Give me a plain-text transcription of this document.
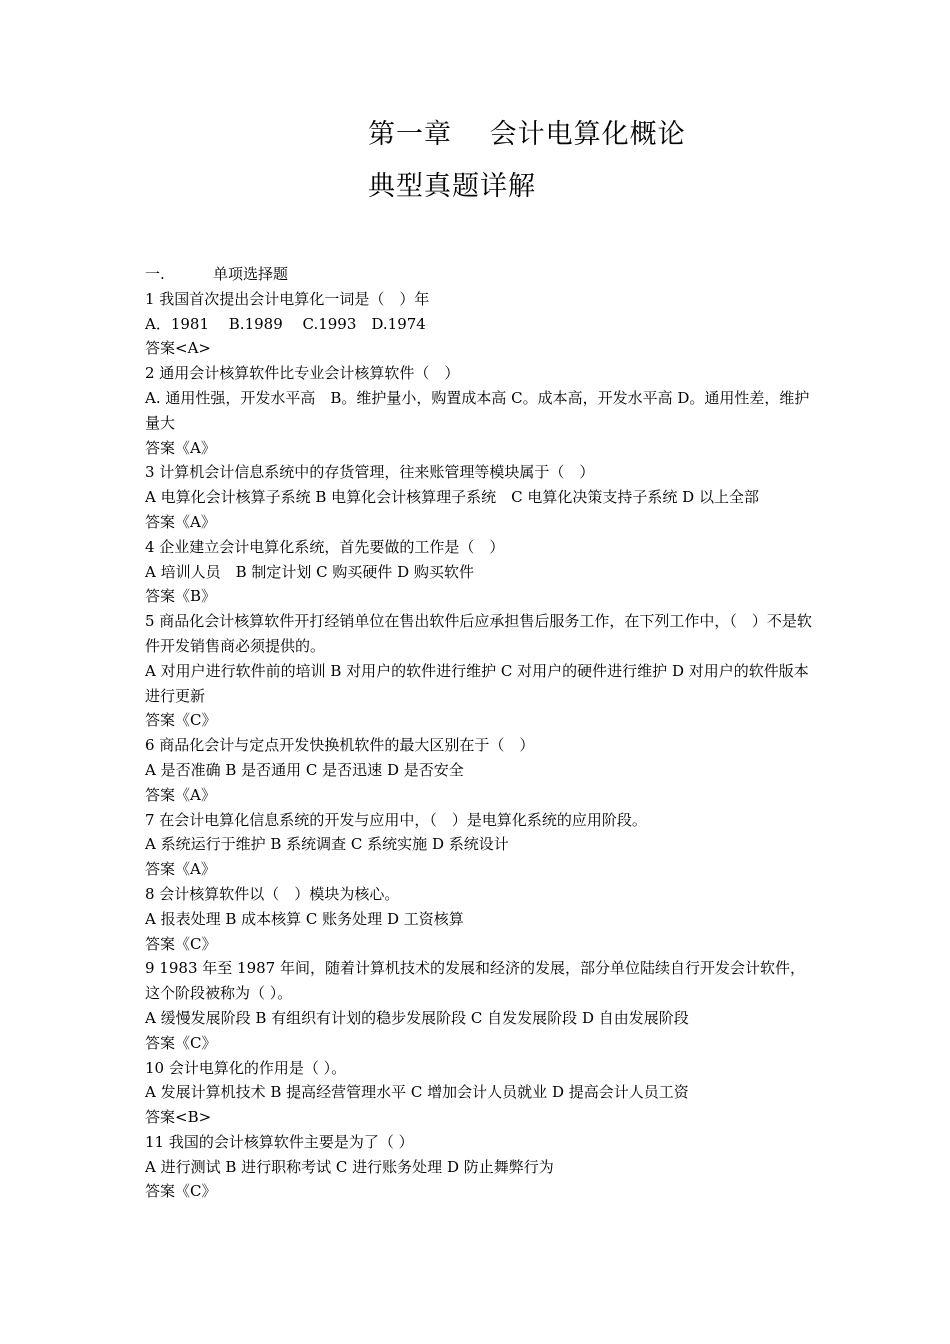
第一章　 会计电算化概论
典型真题详解
一.	单项选择题
1 我国首次提出会计电算化一词是（　）年
A．1981　 B.1989　 C.1993　D.1974
答案<A>
2 通用会计核算软件比专业会计核算软件（　）
A. 通用性强，开发水平高　B。维护量小，购置成本高 C。成本高，开发水平高 D。通用性差，维护量大
答案《A》
3 计算机会计信息系统中的存货管理，往来账管理等模块属于（　）
A 电算化会计核算子系统 B 电算化会计核算理子系统　C 电算化决策支持子系统 D 以上全部
答案《A》
4 企业建立会计电算化系统，首先要做的工作是（　）
A 培训人员　B 制定计划 C 购买硬件 D 购买软件
答案《B》
5 商品化会计核算软件开打经销单位在售出软件后应承担售后服务工作，在下列工作中，（　）不是软件开发销售商必须提供的。
A 对用户进行软件前的培训 B 对用户的软件进行维护 C 对用户的硬件进行维护 D 对用户的软件版本进行更新
答案《C》
6 商品化会计与定点开发快换机软件的最大区别在于（　）
A 是否准确 B 是否通用 C 是否迅速 D 是否安全
答案《A》
7 在会计电算化信息系统的开发与应用中，（　）是电算化系统的应用阶段。
A 系统运行于维护 B 系统调查 C 系统实施 D 系统设计
答案《A》
8 会计核算软件以（　）模块为核心。
A 报表处理 B 成本核算 C 账务处理 D 工资核算
答案《C》
9 1983 年至 1987 年间，随着计算机技术的发展和经济的发展，部分单位陆续自行开发会计软件，这个阶段被称为（ ）。
A 缓慢发展阶段 B 有组织有计划的稳步发展阶段 C 自发发展阶段 D 自由发展阶段
答案《C》
10 会计电算化的作用是（ ）。
A 发展计算机技术 B 提高经营管理水平 C 增加会计人员就业 D 提高会计人员工资
答案<B>
11 我国的会计核算软件主要是为了（ ）
A 进行测试 B 进行职称考试 C 进行账务处理 D 防止舞弊行为
答案《C》
